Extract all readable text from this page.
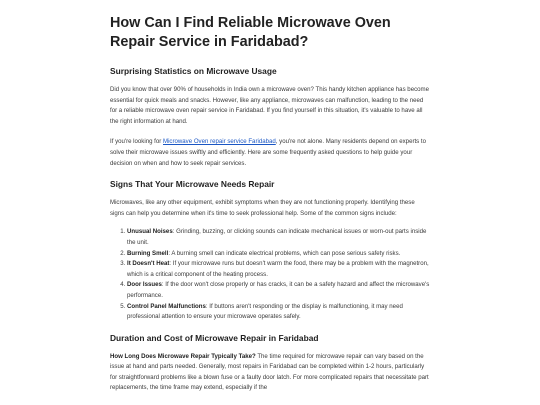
How Can I Find Reliable Microwave Oven Repair Service in Faridabad?
Surprising Statistics on Microwave Usage

Did you know that over 90% of households in India own a microwave oven? This handy kitchen appliance has become essential for quick meals and snacks. However, like any appliance, microwaves can malfunction, leading to the need for a reliable microwave oven repair service in Faridabad. If you find yourself in this situation, it's valuable to have all the right information at hand.

If you're looking for Microwave Oven repair service Faridabad, you're not alone. Many residents depend on experts to solve their microwave issues swiftly and efficiently. Here are some frequently asked questions to help guide your decision on when and how to seek repair services.

Signs That Your Microwave Needs Repair

Microwaves, like any other equipment, exhibit symptoms when they are not functioning properly. Identifying these signs can help you determine when it's time to seek professional help. Some of the common signs include:

1. Unusual Noises: Grinding, buzzing, or clicking sounds can indicate mechanical issues or worn-out parts inside the unit.
2. Burning Smell: A burning smell can indicate electrical problems, which can pose serious safety risks.
3. It Doesn't Heat: If your microwave runs but doesn't warm the food, there may be a problem with the magnetron, which is a critical component of the heating process.
4. Door Issues: If the door won't close properly or has cracks, it can be a safety hazard and affect the microwave's performance.
5. Control Panel Malfunctions: If buttons aren't responding or the display is malfunctioning, it may need professional attention to ensure your microwave operates safely.
Duration and Cost of Microwave Repair in Faridabad

How Long Does Microwave Repair Typically Take? The time required for microwave repair can vary based on the issue at hand and parts needed. Generally, most repairs in Faridabad can be completed within 1-2 hours, particularly for straightforward problems like a blown fuse or a faulty door latch. For more complicated repairs that necessitate part replacements, the time frame may extend, especially if the
